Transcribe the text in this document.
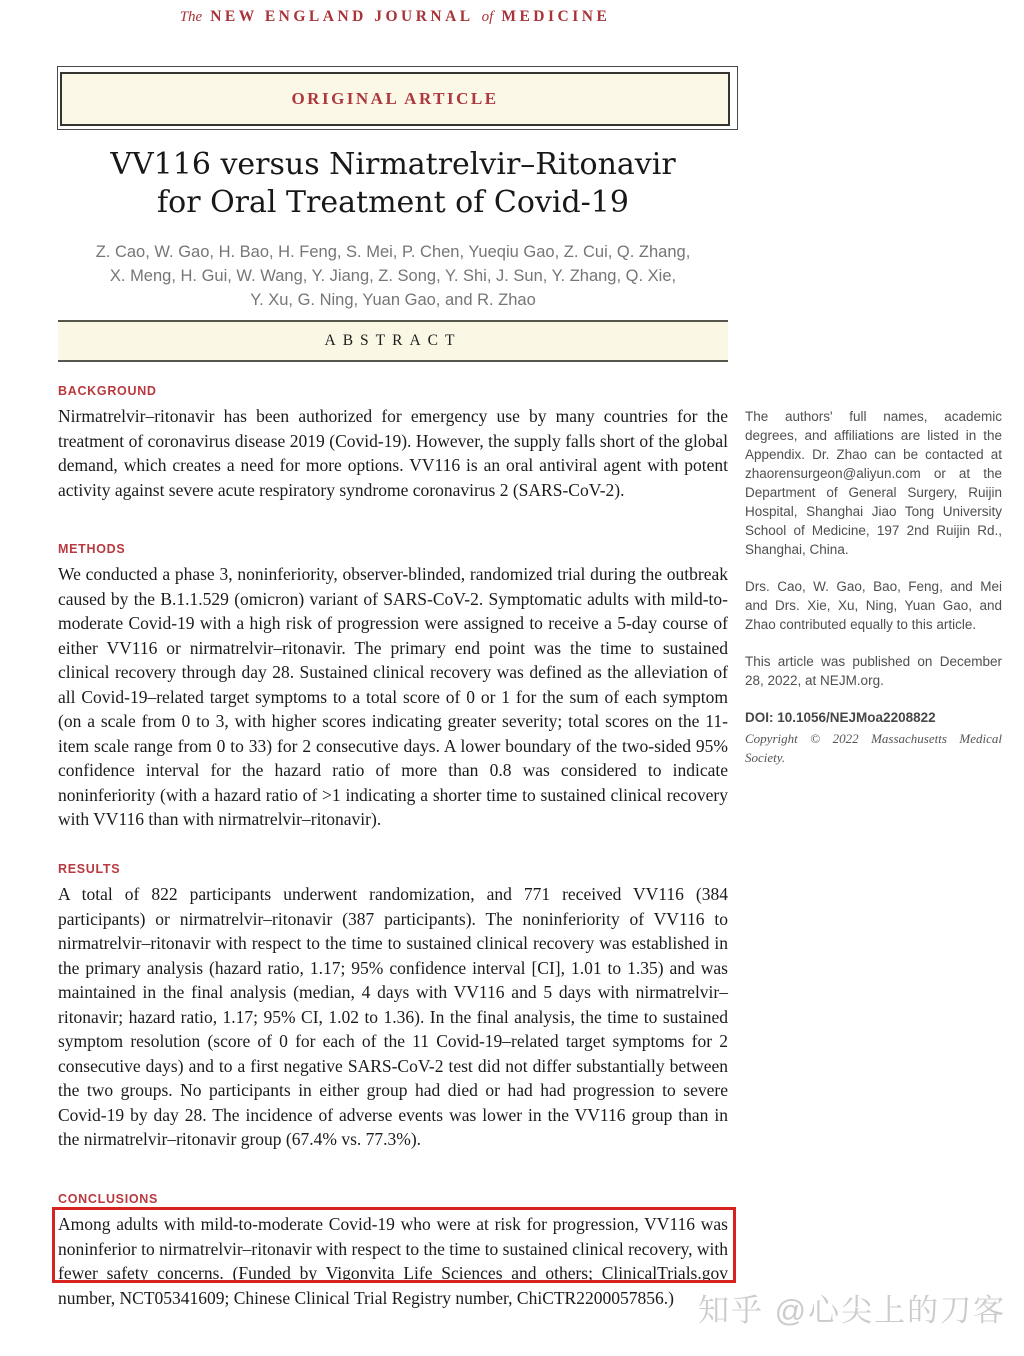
The NEW ENGLAND JOURNAL of MEDICINE
ORIGINAL ARTICLE
VV116 versus Nirmatrelvir–Ritonavir
for Oral Treatment of Covid-19
Z. Cao, W. Gao, H. Bao, H. Feng, S. Mei, P. Chen, Yueqiu Gao, Z. Cui, Q. Zhang,
X. Meng, H. Gui, W. Wang, Y. Jiang, Z. Song, Y. Shi, J. Sun, Y. Zhang, Q. Xie,
Y. Xu, G. Ning, Yuan Gao, and R. Zhao
ABSTRACT
BACKGROUND

Nirmatrelvir–ritonavir has been authorized for emergency use by many countries for the treatment of coronavirus disease 2019 (Covid-19). However, the supply falls short of the global demand, which creates a need for more options. VV116 is an oral antiviral agent with potent activity against severe acute respiratory syndrome coronavirus 2 (SARS-CoV-2).

METHODS

We conducted a phase 3, noninferiority, observer-blinded, randomized trial during the outbreak caused by the B.1.1.529 (omicron) variant of SARS-CoV-2. Symptomatic adults with mild-to-moderate Covid-19 with a high risk of progression were assigned to receive a 5-day course of either VV116 or nirmatrelvir–ritonavir. The primary end point was the time to sustained clinical recovery through day 28. Sustained clinical recovery was defined as the alleviation of all Covid-19–related target symptoms to a total score of 0 or 1 for the sum of each symptom (on a scale from 0 to 3, with higher scores indicating greater severity; total scores on the 11-item scale range from 0 to 33) for 2 consecutive days. A lower boundary of the two-sided 95% confidence interval for the hazard ratio of more than 0.8 was considered to indicate noninferiority (with a hazard ratio of >1 indicating a shorter time to sustained clinical recovery with VV116 than with nirmatrelvir–ritonavir).

RESULTS

A total of 822 participants underwent randomization, and 771 received VV116 (384 participants) or nirmatrelvir–ritonavir (387 participants). The noninferiority of VV116 to nirmatrelvir–ritonavir with respect to the time to sustained clinical recovery was established in the primary analysis (hazard ratio, 1.17; 95% confidence interval [CI], 1.01 to 1.35) and was maintained in the final analysis (median, 4 days with VV116 and 5 days with nirmatrelvir–ritonavir; hazard ratio, 1.17; 95% CI, 1.02 to 1.36). In the final analysis, the time to sustained symptom resolution (score of 0 for each of the 11 Covid-19–related target symptoms for 2 consecutive days) and to a first negative SARS-CoV-2 test did not differ substantially between the two groups. No participants in either group had died or had had progression to severe Covid-19 by day 28. The incidence of adverse events was lower in the VV116 group than in the nirmatrelvir–ritonavir group (67.4% vs. 77.3%).

CONCLUSIONS

Among adults with mild-to-moderate Covid-19 who were at risk for progression, VV116 was noninferior to nirmatrelvir–ritonavir with respect to the time to sustained clinical recovery, with fewer safety concerns. (Funded by Vigonvita Life Sciences and others; ClinicalTrials.gov number, NCT05341609; Chinese Clinical Trial Registry number, ChiCTR2200057856.)

The authors' full names, academic degrees, and affiliations are listed in the Appendix. Dr. Zhao can be contacted at zhaorensurgeon@aliyun.com or at the Department of General Surgery, Ruijin Hospital, Shanghai Jiao Tong University School of Medicine, 197 2nd Ruijin Rd., Shanghai, China.

Drs. Cao, W. Gao, Bao, Feng, and Mei and Drs. Xie, Xu, Ning, Yuan Gao, and Zhao contributed equally to this article.

This article was published on December 28, 2022, at NEJM.org.

DOI: 10.1056/NEJMoa2208822

Copyright © 2022 Massachusetts Medical Society.

知乎 @心尖上的刀客
